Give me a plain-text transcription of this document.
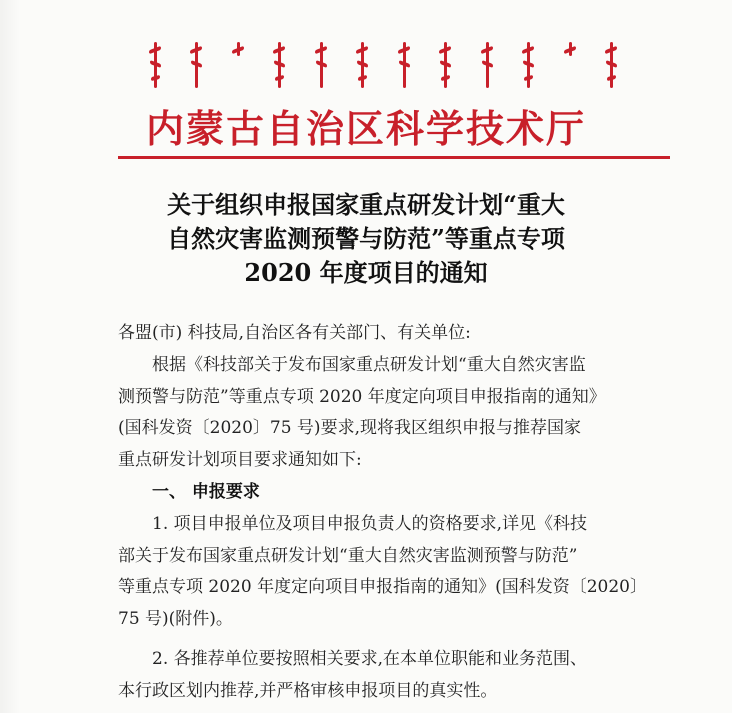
内蒙古自治区科学技术厅
关于组织申报国家重点研发计划“重大
自然灾害监测预警与防范”等重点专项
2020 年度项目的通知

各盟(市) 科技局,自治区各有关部门、有关单位:

根据《科技部关于发布国家重点研发计划“重大自然灾害监

测预警与防范”等重点专项 2020 年度定向项目申报指南的通知》

(国科发资〔2020〕75 号)要求,现将我区组织申报与推荐国家

重点研发计划项目要求通知如下:

一、 申报要求

1. 项目申报单位及项目申报负责人的资格要求,详见《科技

部关于发布国家重点研发计划“重大自然灾害监测预警与防范”

等重点专项 2020 年度定向项目申报指南的通知》(国科发资〔2020〕

75 号)(附件)。

2. 各推荐单位要按照相关要求,在本单位职能和业务范围、

本行政区划内推荐,并严格审核申报项目的真实性。
